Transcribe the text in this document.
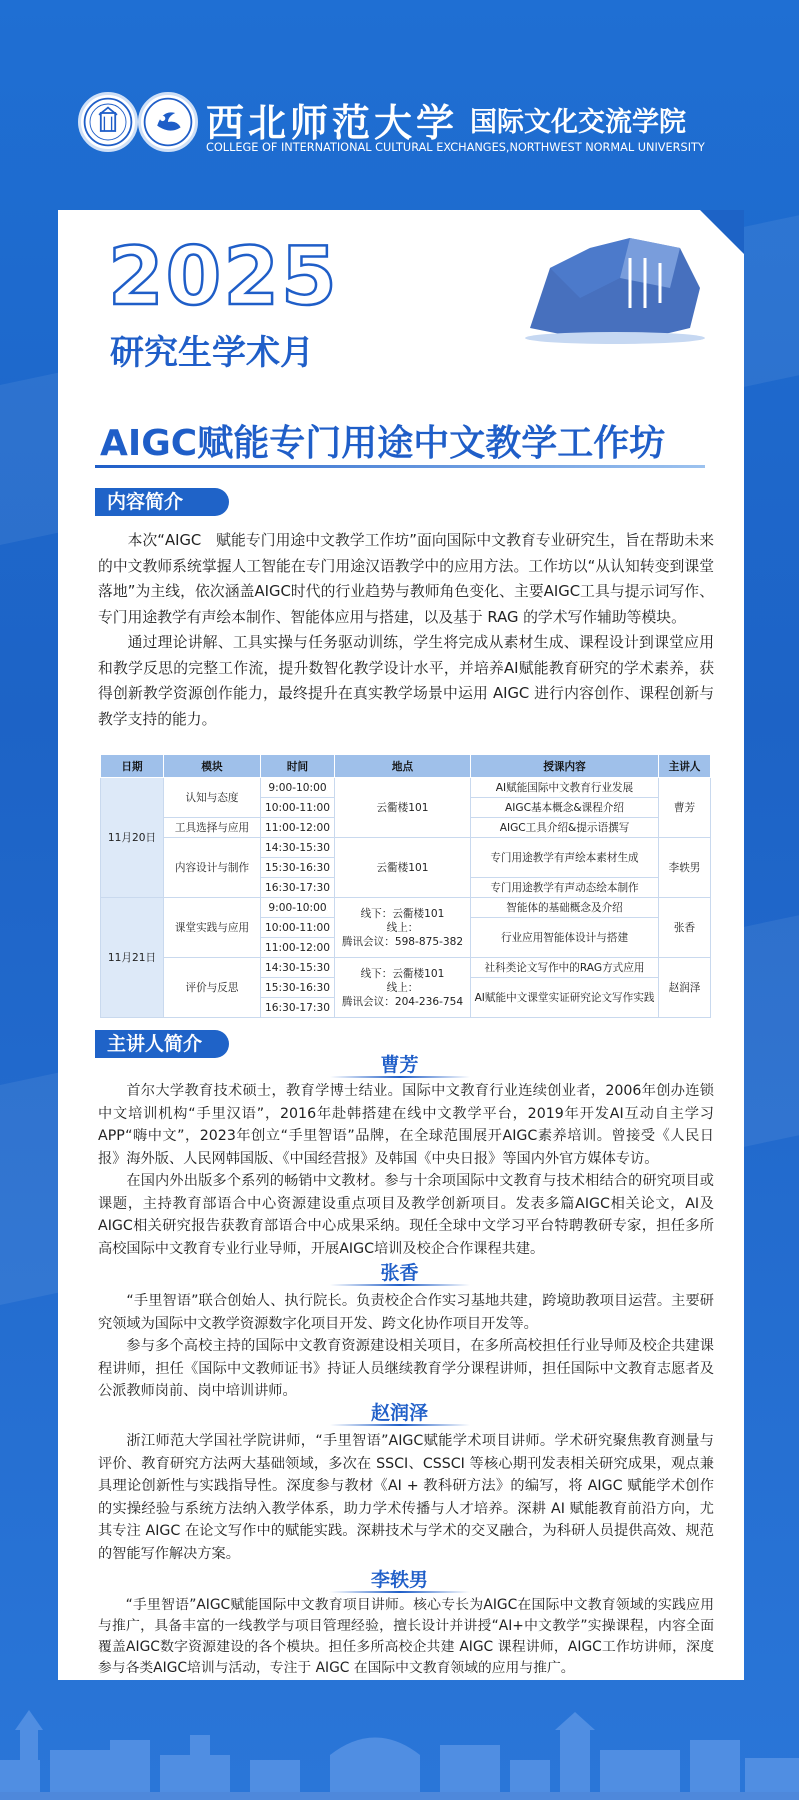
西北师范大学 国际文化交流学院
COLLEGE OF INTERNATIONAL CULTURAL EXCHANGES,NORTHWEST NORMAL UNIVERSITY
2025
研究生学术月
AIGC赋能专门用途中文教学工作坊
内容简介

本次“AIGC　赋能专门用途中文教学工作坊”面向国际中文教育专业研究生，旨在帮助未来的中文教师系统掌握人工智能在专门用途汉语教学中的应用方法。工作坊以“从认知转变到课堂落地”为主线，依次涵盖AIGC时代的行业趋势与教师角色变化、主要AIGC工具与提示词写作、专门用途教学有声绘本制作、智能体应用与搭建，以及基于 RAG 的学术写作辅助等模块。

通过理论讲解、工具实操与任务驱动训练，学生将完成从素材生成、课程设计到课堂应用和教学反思的完整工作流，提升数智化教学设计水平，并培养AI赋能教育研究的学术素养，获得创新教学资源创作能力，最终提升在真实教学场景中运用 AIGC 进行内容创作、课程创新与教学支持的能力。

日期	模块	时间	地点	授课内容	主讲人
11月20日	认知与态度	9:00-10:00	云衢楼101	AI赋能国际中文教育行业发展	曹芳
		10:00-11:00		AIGC基本概念&课程介绍	
	工具选择与应用	11:00-12:00		AIGC工具介绍&提示语撰写	
	内容设计与制作	14:30-15:30	云衢楼101	专门用途教学有声绘本素材生成	李轶男
		15:30-16:30			
		16:30-17:30		专门用途教学有声动态绘本制作	
11月21日	课堂实践与应用	9:00-10:00	线下：云衢楼101
线上：
腾讯会议：598-875-382	智能体的基础概念及介绍	张香
		10:00-11:00		行业应用智能体设计与搭建	
		11:00-12:00			
	评价与反思	14:30-15:30	线下：云衢楼101
线上：
腾讯会议：204-236-754	社科类论文写作中的RAG方式应用	赵润泽
		15:30-16:30		AI赋能中文课堂实证研究论文写作实践	
		16:30-17:30			
主讲人简介
曹芳

首尔大学教育技术硕士，教育学博士结业。国际中文教育行业连续创业者，2006年创办连锁中文培训机构“手里汉语”，2016年赴韩搭建在线中文教学平台，2019年开发AI互动自主学习APP“嗨中文”，2023年创立“手里智语”品牌，在全球范围展开AIGC素养培训。曾接受《人民日报》海外版、人民网韩国版、《中国经营报》及韩国《中央日报》等国内外官方媒体专访。

在国内外出版多个系列的畅销中文教材。参与十余项国际中文教育与技术相结合的研究项目或课题，主持教育部语合中心资源建设重点项目及教学创新项目。发表多篇AIGC相关论文，AI及AIGC相关研究报告获教育部语合中心成果采纳。现任全球中文学习平台特聘教研专家，担任多所高校国际中文教育专业行业导师，开展AIGC培训及校企合作课程共建。

张香

“手里智语”联合创始人、执行院长。负责校企合作实习基地共建，跨境助教项目运营。主要研究领域为国际中文教学资源数字化项目开发、跨文化协作项目开发等。

参与多个高校主持的国际中文教育资源建设相关项目，在多所高校担任行业导师及校企共建课程讲师，担任《国际中文教师证书》持证人员继续教育学分课程讲师，担任国际中文教育志愿者及公派教师岗前、岗中培训讲师。

赵润泽

浙江师范大学国社学院讲师，“手里智语”AIGC赋能学术项目讲师。学术研究聚焦教育测量与评价、教育研究方法两大基础领域，多次在 SSCI、CSSCI 等核心期刊发表相关研究成果，观点兼具理论创新性与实践指导性。深度参与教材《AI + 教科研方法》的编写，将 AIGC 赋能学术创作的实操经验与系统方法纳入教学体系，助力学术传播与人才培养。深耕 AI 赋能教育前沿方向，尤其专注 AIGC 在论文写作中的赋能实践。深耕技术与学术的交叉融合，为科研人员提供高效、规范的智能写作解决方案。

李轶男

“手里智语”AIGC赋能国际中文教育项目讲师。核心专长为AIGC在国际中文教育领域的实践应用与推广，具备丰富的一线教学与项目管理经验，擅长设计并讲授“AI+中文教学”实操课程，内容全面覆盖AIGC数字资源建设的各个模块。担任多所高校企共建 AIGC 课程讲师，AIGC工作坊讲师，深度参与各类AIGC培训与活动，专注于 AIGC 在国际中文教育领域的应用与推广。
